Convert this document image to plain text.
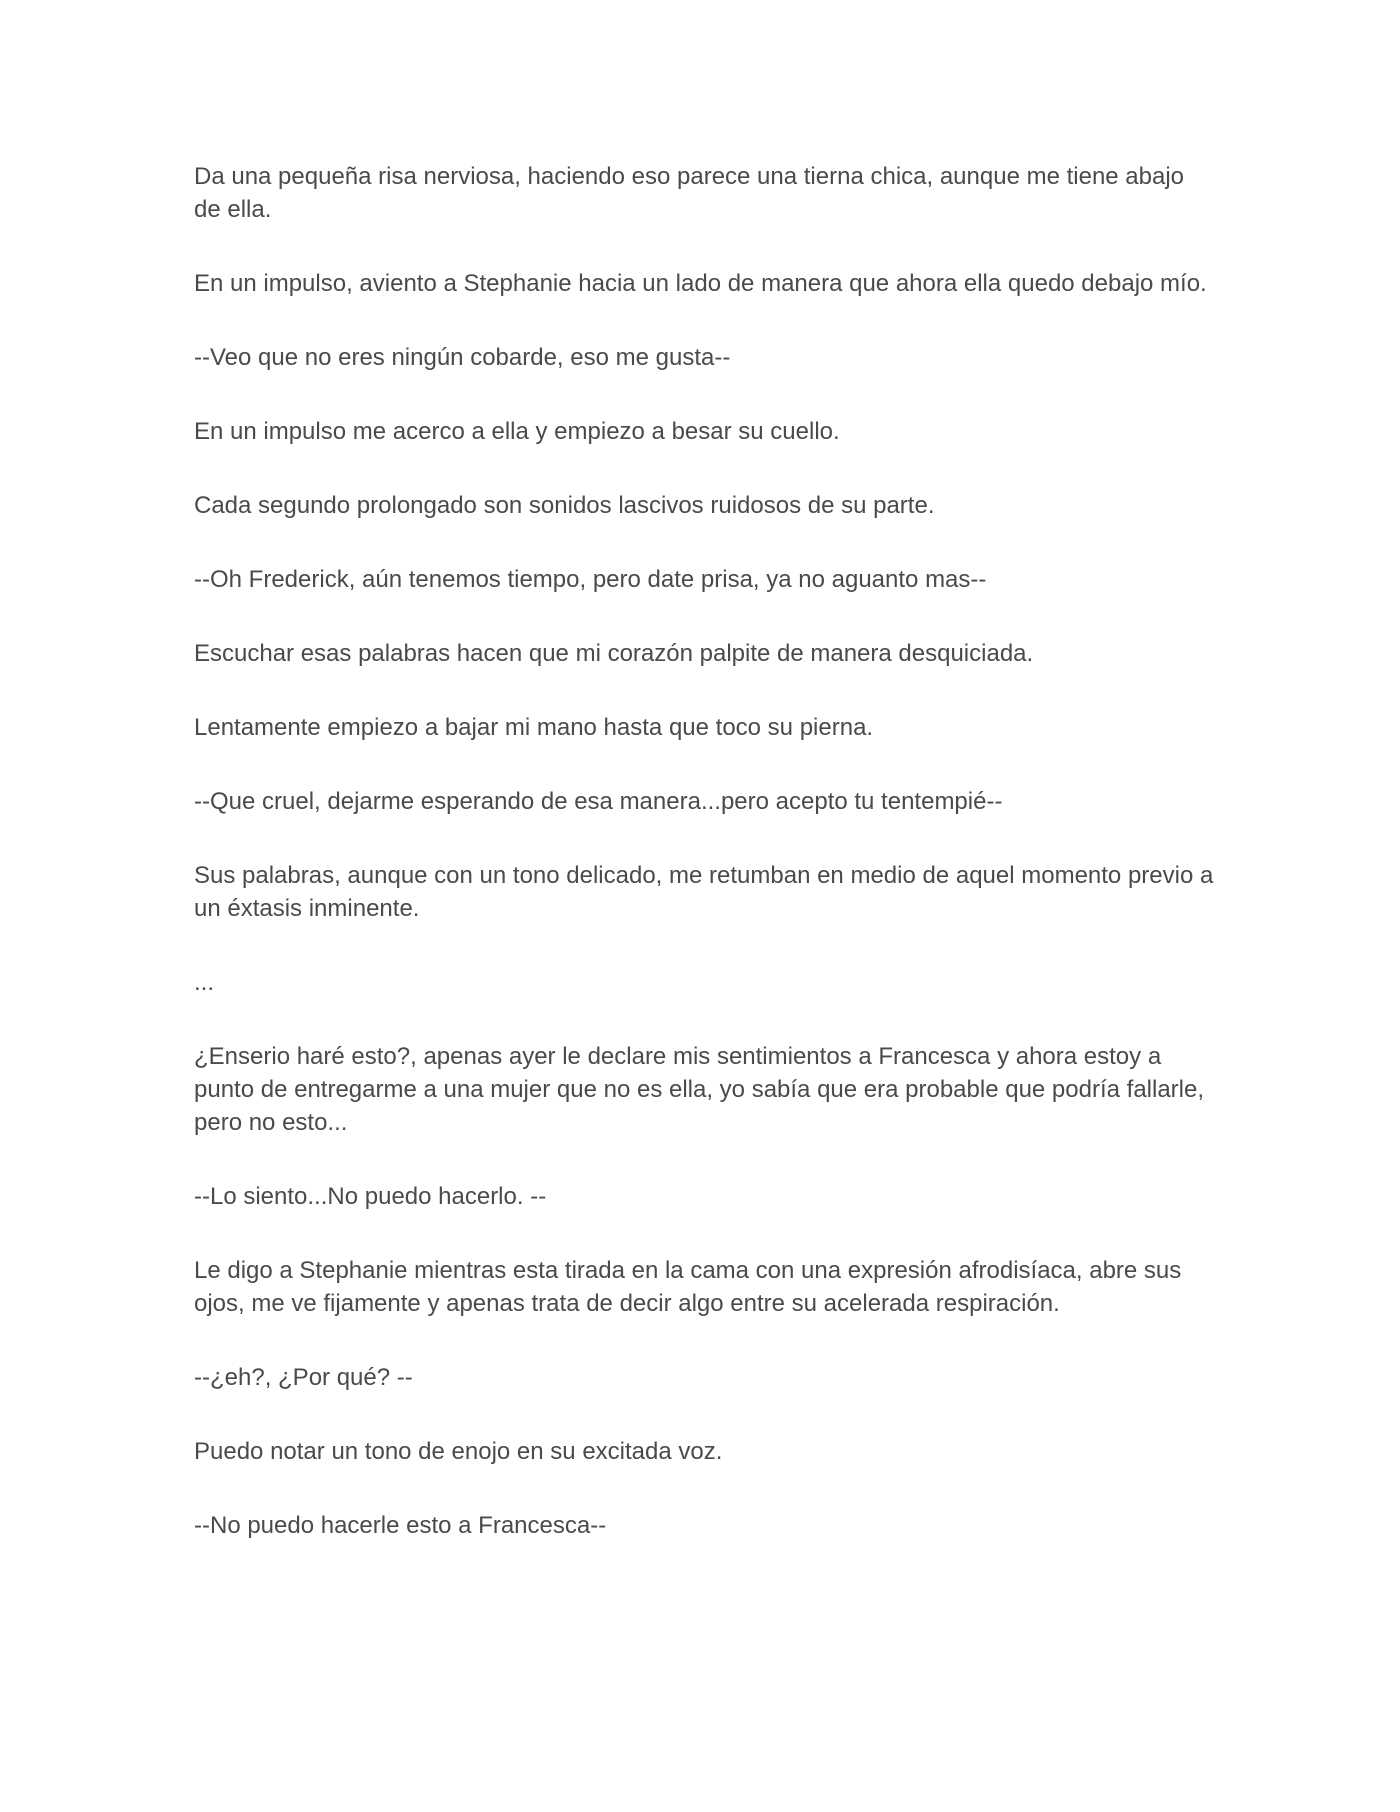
Da una pequeña risa nerviosa, haciendo eso parece una tierna chica, aunque me tiene abajo de ella.

En un impulso, aviento a Stephanie hacia un lado de manera que ahora ella quedo debajo mío.

--Veo que no eres ningún cobarde, eso me gusta--

En un impulso me acerco a ella y empiezo a besar su cuello.

Cada segundo prolongado son sonidos lascivos ruidosos de su parte.

--Oh Frederick, aún tenemos tiempo, pero date prisa, ya no aguanto mas--

Escuchar esas palabras hacen que mi corazón palpite de manera desquiciada.

Lentamente empiezo a bajar mi mano hasta que toco su pierna.

--Que cruel, dejarme esperando de esa manera...pero acepto tu tentempié--

Sus palabras, aunque con un tono delicado, me retumban en medio de aquel momento previo a un éxtasis inminente.

...

¿Enserio haré esto?, apenas ayer le declare mis sentimientos a Francesca y ahora estoy a punto de entregarme a una mujer que no es ella, yo sabía que era probable que podría fallarle, pero no esto...

--Lo siento...No puedo hacerlo. --

Le digo a Stephanie mientras esta tirada en la cama con una expresión afrodisíaca, abre sus ojos, me ve fijamente y apenas trata de decir algo entre su acelerada respiración.

--¿eh?, ¿Por qué? --

Puedo notar un tono de enojo en su excitada voz.

--No puedo hacerle esto a Francesca--
